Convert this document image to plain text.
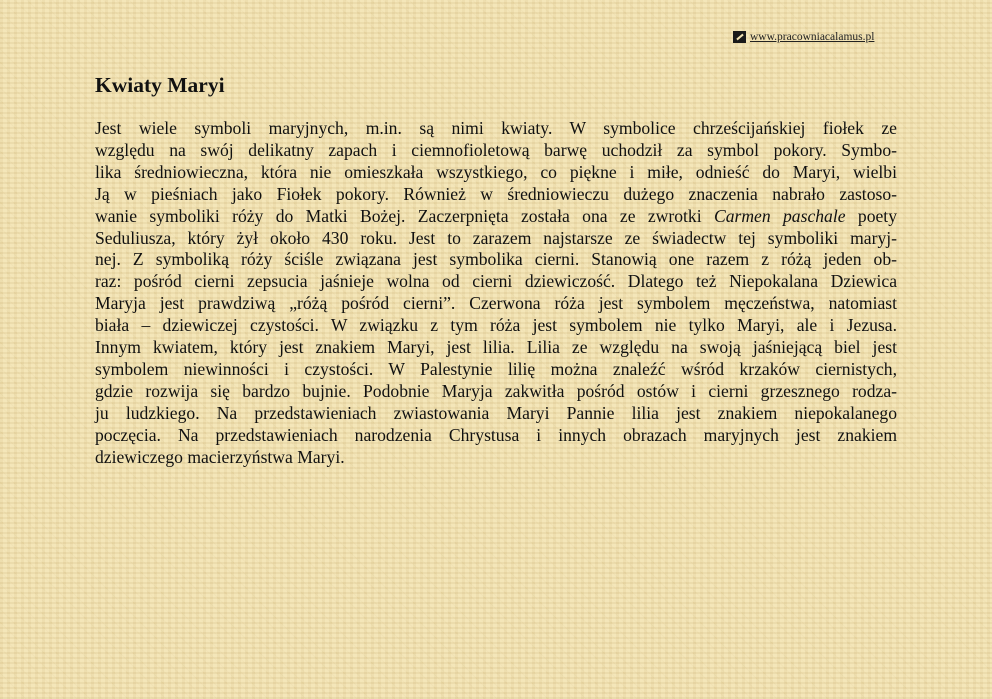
www.pracowniacalamus.pl
Kwiaty Maryi
Jest wiele symboli maryjnych, m.in. są nimi kwiaty. W symbolice chrześcijańskiej fiołek ze
względu na swój delikatny zapach i ciemnofioletową barwę uchodził za symbol pokory. Symbo-
lika średniowieczna, która nie omieszkała wszystkiego, co piękne i miłe, odnieść do Maryi, wielbi
Ją w pieśniach jako Fiołek pokory. Również w średniowieczu dużego znaczenia nabrało zastoso-
wanie symboliki róży do Matki Bożej. Zaczerpnięta została ona ze zwrotki Carmen paschale poety
Seduliusza, który żył około 430 roku. Jest to zarazem najstarsze ze świadectw tej symboliki maryj-
nej. Z symboliką róży ściśle związana jest symbolika cierni. Stanowią one razem z różą jeden ob-
raz: pośród cierni zepsucia jaśnieje wolna od cierni dziewiczość. Dlatego też Niepokalana Dziewica
Maryja jest prawdziwą „różą pośród cierni”. Czerwona róża jest symbolem męczeństwa, natomiast
biała – dziewiczej czystości. W związku z tym róża jest symbolem nie tylko Maryi, ale i Jezusa.
Innym kwiatem, który jest znakiem Maryi, jest lilia. Lilia ze względu na swoją jaśniejącą biel jest
symbolem niewinności i czystości. W Palestynie lilię można znaleźć wśród krzaków ciernistych,
gdzie rozwija się bardzo bujnie. Podobnie Maryja zakwitła pośród ostów i cierni grzesznego rodza-
ju ludzkiego. Na przedstawieniach zwiastowania Maryi Pannie lilia jest znakiem niepokalanego
poczęcia. Na przedstawieniach narodzenia Chrystusa i innych obrazach maryjnych jest znakiem
dziewiczego macierzyństwa Maryi.
